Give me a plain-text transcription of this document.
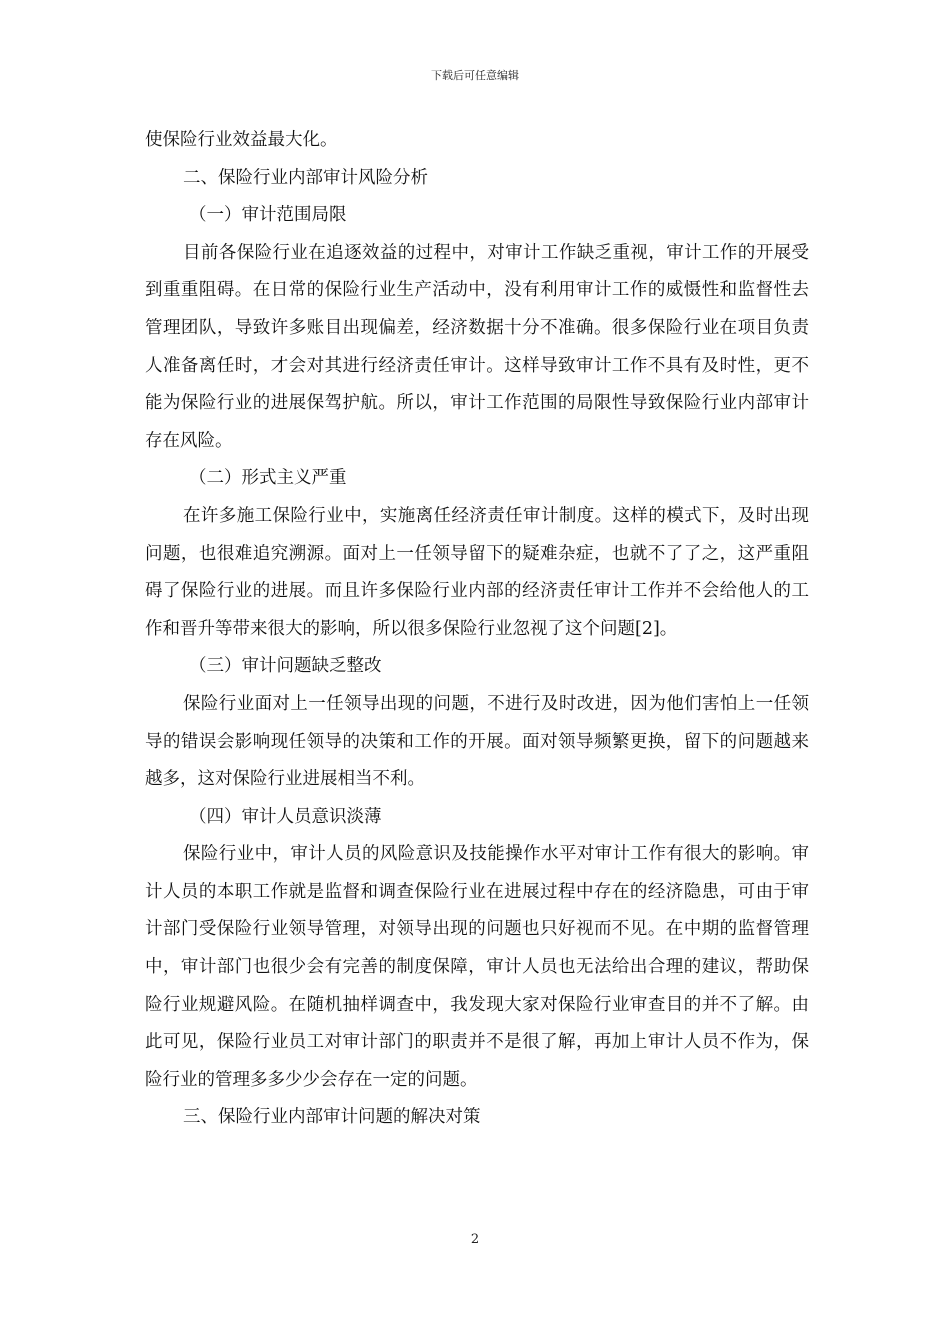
下载后可任意编辑

使保险行业效益最大化。

二、保险行业内部审计风险分析

（一）审计范围局限

目前各保险行业在追逐效益的过程中，对审计工作缺乏重视，审计工作的开展受到重重阻碍。在日常的保险行业生产活动中，没有利用审计工作的威慑性和监督性去管理团队，导致许多账目出现偏差，经济数据十分不准确。很多保险行业在项目负责人准备离任时，才会对其进行经济责任审计。这样导致审计工作不具有及时性，更不能为保险行业的进展保驾护航。所以，审计工作范围的局限性导致保险行业内部审计存在风险。

（二）形式主义严重

在许多施工保险行业中，实施离任经济责任审计制度。这样的模式下，及时出现问题，也很难追究溯源。面对上一任领导留下的疑难杂症，也就不了了之，这严重阻碍了保险行业的进展。而且许多保险行业内部的经济责任审计工作并不会给他人的工作和晋升等带来很大的影响，所以很多保险行业忽视了这个问题[2]。

（三）审计问题缺乏整改

保险行业面对上一任领导出现的问题，不进行及时改进，因为他们害怕上一任领导的错误会影响现任领导的决策和工作的开展。面对领导频繁更换，留下的问题越来越多，这对保险行业进展相当不利。

（四）审计人员意识淡薄

保险行业中，审计人员的风险意识及技能操作水平对审计工作有很大的影响。审计人员的本职工作就是监督和调查保险行业在进展过程中存在的经济隐患，可由于审计部门受保险行业领导管理，对领导出现的问题也只好视而不见。在中期的监督管理中，审计部门也很少会有完善的制度保障，审计人员也无法给出合理的建议，帮助保险行业规避风险。在随机抽样调查中，我发现大家对保险行业审查目的并不了解。由此可见，保险行业员工对审计部门的职责并不是很了解，再加上审计人员不作为，保险行业的管理多多少少会存在一定的问题。

三、保险行业内部审计问题的解决对策

2
